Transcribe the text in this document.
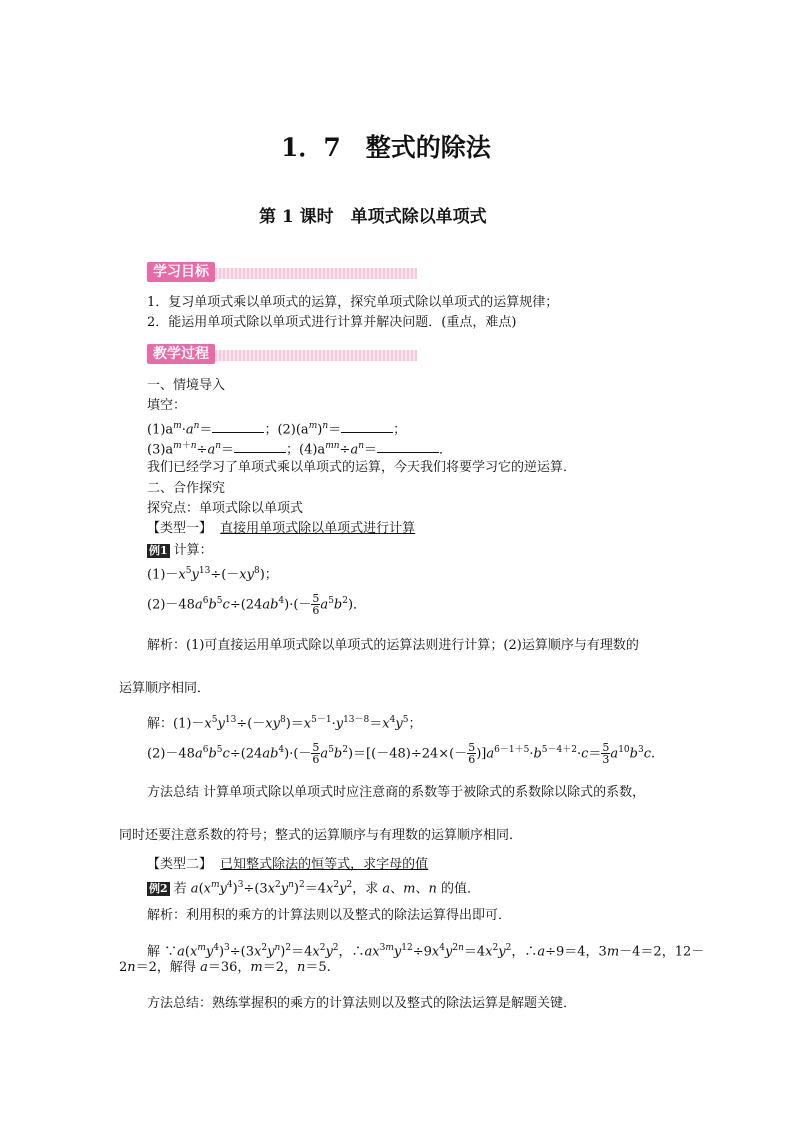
1．7　整式的除法
第 1 课时　单项式除以单项式
学习目标
1．复习单项式乘以单项式的运算，探究单项式除以单项式的运算规律；
2．能运用单项式除以单项式进行计算并解决问题．(重点，难点)
教学过程
一、情境导入
填空：
$(1)a^m\cdot a^n=$	；$(2)(a^m)^n=$	；
$(3)a^{m+n}\div a^n=$	；$(4)a^{mn}\div a^n=$	．
我们已经学习了单项式乘以单项式的运算，今天我们将要学习它的逆运算．
二、合作探究
探究点：单项式除以单项式
【类型一】 直接用单项式除以单项式进行计算
例1 计算：
$(1)-x^5y^{13}\div(-xy^8)$；
$(2)-48a^6b^5c\div(24ab^4)\cdot(- \frac{5}{6} a^5b^2)$．
解析：(1)可直接运用单项式除以单项式的运算法则进行计算；(2)运算顺序与有理数的
运算顺序相同．
解：$(1)-x^5y^{13}\div(-xy^8)=x^{5-1}\cdot y^{13-8}=x^4y^5$；
$(2)-48a^6b^5c\div(24ab^4)\cdot(- \frac{5}{6} a^5b^2)=[(-48)\div 24\times(- \frac{5}{6} )]a^{6-1+5}\cdot b^{5-4+2}\cdot c= \frac{5}{3} a^{10}b^3c$.
方法总结 计算单项式除以单项式时应注意商的系数等于被除式的系数除以除式的系数，
同时还要注意系数的符号；整式的运算顺序与有理数的运算顺序相同．
【类型二】 已知整式除法的恒等式，求字母的值
例2 若 $a(x^my^4)^3\div(3x^2y^n)^2=4x^2y^2$，求 a、m、n 的值．
解析：利用积的乘方的计算法则以及整式的除法运算得出即可．
解 $\because a(x^my^4)^3\div(3x^2y^n)^2=4x^2y^2$，$\therefore ax^{3m}y^{12}\div 9x^4y^{2n}=4x^2y^2$，∴a÷9＝4，3m－4＝2，12－
2n＝2，解得 a＝36，m＝2，n＝5.
方法总结：熟练掌握积的乘方的计算法则以及整式的除法运算是解题关键．
